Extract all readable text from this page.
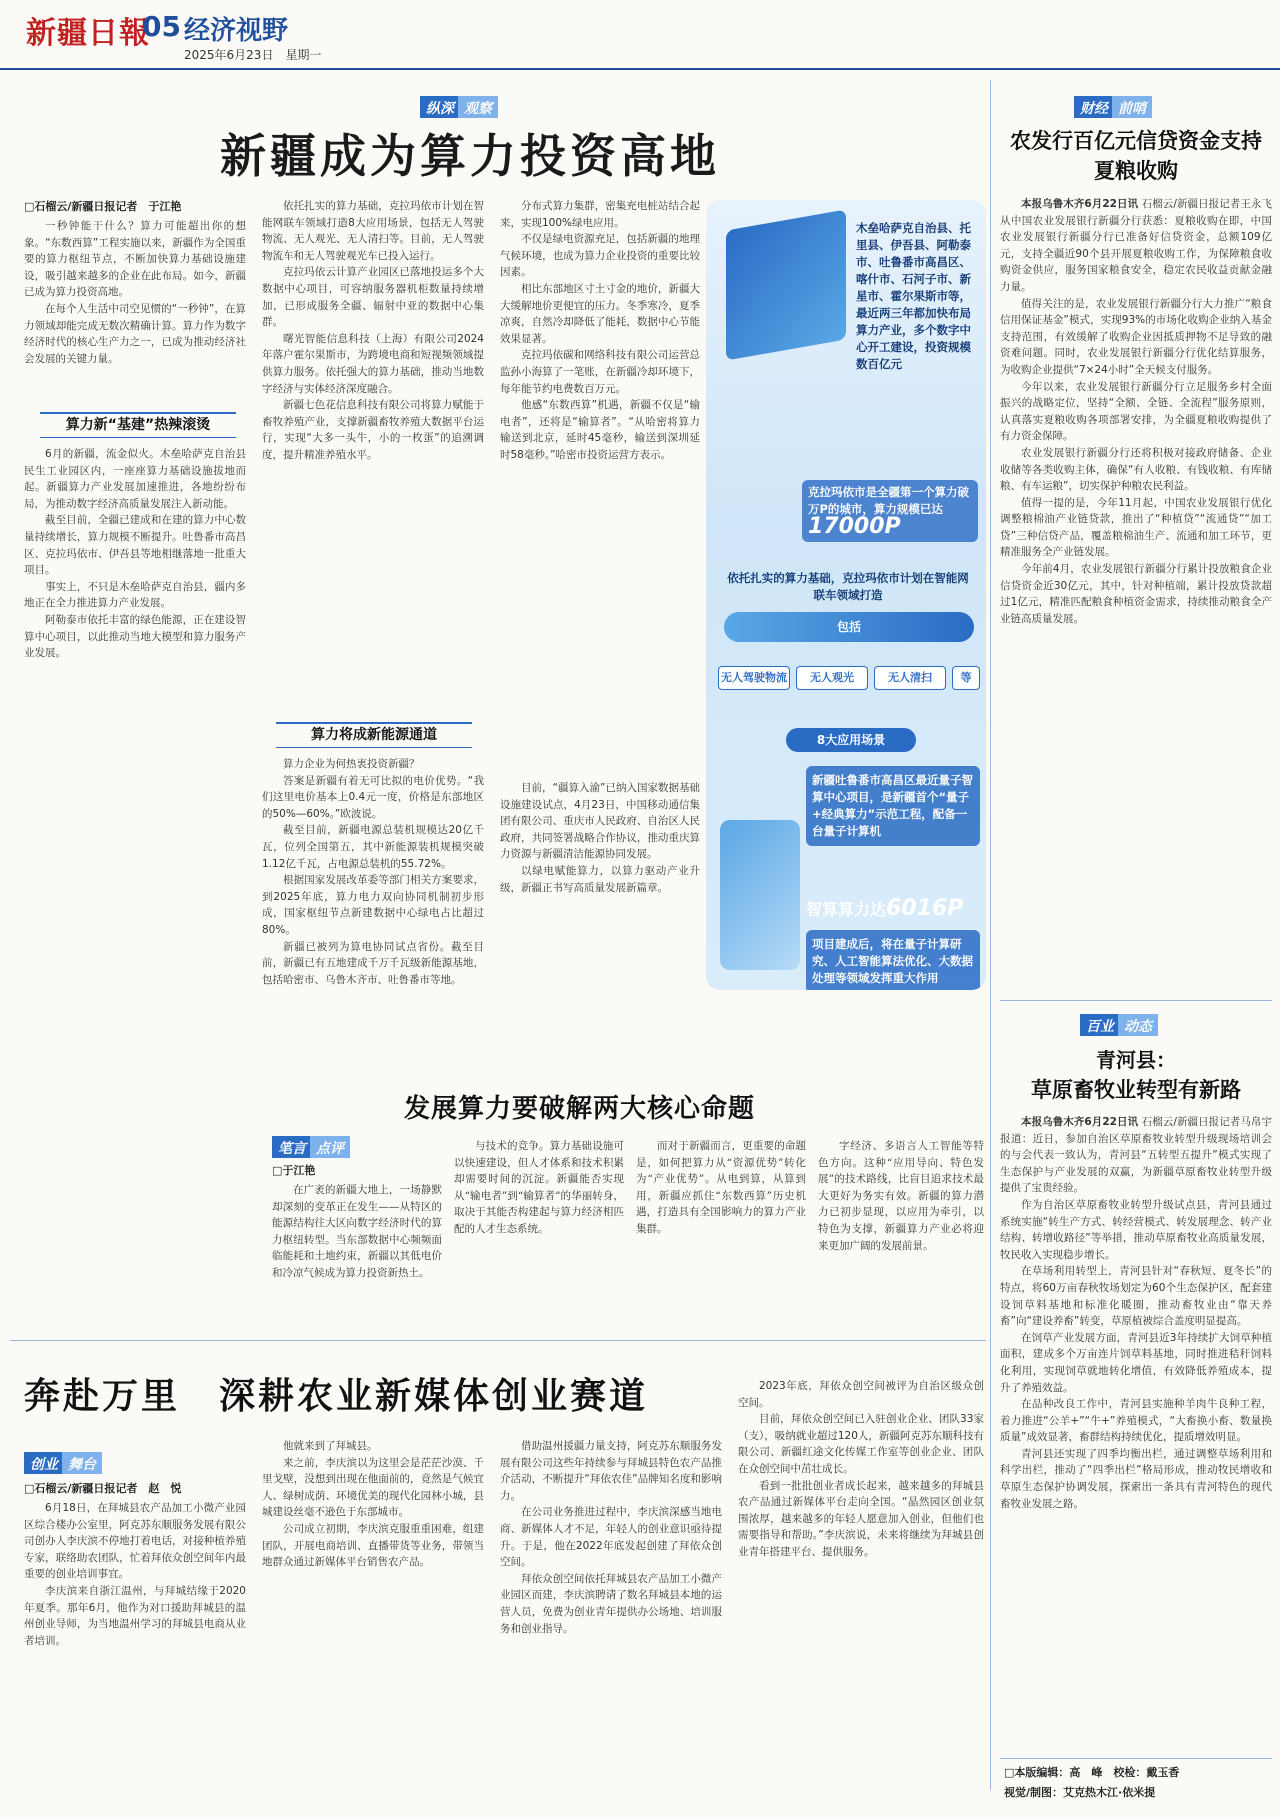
新疆日報
05 经济视野
2025年6月23日　星期一
纵深 观察
新疆成为算力投资高地
□石榴云/新疆日报记者　于江艳

一秒钟能干什么？算力可能超出你的想象。“东数西算”工程实施以来，新疆作为全国重要的算力枢纽节点，不断加快算力基础设施建设，吸引越来越多的企业在此布局。如今，新疆已成为算力投资高地。

在每个人生活中司空见惯的“一秒钟”，在算力领域却能完成无数次精确计算。算力作为数字经济时代的核心生产力之一，已成为推动经济社会发展的关键力量。

算力新“基建”热辣滚烫

6月的新疆，流金似火。木垒哈萨克自治县民生工业园区内，一座座算力基础设施拔地而起。新疆算力产业发展加速推进，各地纷纷布局，为推动数字经济高质量发展注入新动能。

截至目前，全疆已建成和在建的算力中心数量持续增长，算力规模不断提升。吐鲁番市高昌区、克拉玛依市、伊吾县等地相继落地一批重大项目。

事实上，不只是木垒哈萨克自治县，疆内多地正在全力推进算力产业发展。

阿勒泰市依托丰富的绿色能源，正在建设智算中心项目，以此推动当地大模型和算力服务产业发展。

依托扎实的算力基础，克拉玛依市计划在智能网联车领域打造8大应用场景，包括无人驾驶物流、无人观光、无人清扫等。目前，无人驾驶物流车和无人驾驶观光车已投入运行。

克拉玛依云计算产业园区已落地投运多个大数据中心项目，可容纳服务器机柜数量持续增加，已形成服务全疆、辐射中亚的数据中心集群。

曙光智能信息科技（上海）有限公司2024年落户霍尔果斯市，为跨境电商和短视频领域提供算力服务。依托强大的算力基础，推动当地数字经济与实体经济深度融合。

新疆七色花信息科技有限公司将算力赋能于畜牧养殖产业，支撑新疆畜牧养殖大数据平台运行，实现“大多一头牛，小的一枚蛋”的追溯调度，提升精准养殖水平。

算力将成新能源通道

算力企业为何热衷投资新疆？

答案是新疆有着无可比拟的电价优势。“我们这里电价基本上0.4元一度，价格是东部地区的50%—60%。”欧波说。

截至目前，新疆电源总装机规模达20亿千瓦，位列全国第五，其中新能源装机规模突破1.12亿千瓦，占电源总装机的55.72%。

根据国家发展改革委等部门相关方案要求，到2025年底，算力电力双向协同机制初步形成，国家枢纽节点新建数据中心绿电占比超过80%。

新疆已被列为算电协同试点省份。截至目前，新疆已有五地建成千万千瓦级新能源基地，包括哈密市、乌鲁木齐市、吐鲁番市等地。

分布式算力集群，密集充电桩站结合起来，实现100%绿电应用。

不仅是绿电资源充足，包括新疆的地理气候环境，也成为算力企业投资的重要比较因素。

相比东部地区寸土寸金的地价，新疆大大缓解地价更便宜的压力。冬季寒冷，夏季凉爽，自然冷却降低了能耗，数据中心节能效果显著。

克拉玛依碳和网络科技有限公司运营总监孙小海算了一笔账，在新疆冷却环境下，每年能节约电费数百万元。

他感“东数西算”机遇，新疆不仅是“输电者”，还将是“输算者”。“从哈密将算力输送到北京，延时45毫秒，输送到深圳延时58毫秒。”哈密市投资运营方表示。

目前，“疆算入渝”已纳入国家数据基础设施建设试点，4月23日，中国移动通信集团有限公司、重庆市人民政府、自治区人民政府，共同签署战略合作协议，推动重庆算力资源与新疆清洁能源协同发展。

以绿电赋能算力，以算力驱动产业升级，新疆正书写高质量发展新篇章。

木垒哈萨克自治县、托里县、伊吾县、阿勒泰市、吐鲁番市高昌区、喀什市、石河子市、新星市、霍尔果斯市等，最近两三年都加快布局算力产业，多个数字中心开工建设，投资规模数百亿元
克拉玛依市是全疆第一个算力破万P的城市，算力规模已达 17000P
依托扎实的算力基础，克拉玛依市计划在智能网联车领域打造
包括
无人驾驶物流	无人观光	无人清扫	等
8大应用场景
新疆吐鲁番市高昌区最近量子智算中心项目，是新疆首个“量子+经典算力”示范工程，配备一台量子计算机
智算算力达6016P
项目建成后，将在量子计算研究、人工智能算法优化、大数据处理等领域发挥重大作用
发展算力要破解两大核心命题
笔言 点评
□于江艳

在广袤的新疆大地上，一场静默却深刻的变革正在发生——从特区的能源结构往大区向数字经济时代的算力枢纽转型。当东部数据中心频频面临能耗和土地约束，新疆以其低电价和冷凉气候成为算力投资新热土。

与技术的竞争。算力基础设施可以快速建设，但人才体系和技术积累却需要时间的沉淀。新疆能否实现从“输电者”到“输算者”的华丽转身，取决于其能否构建起与算力经济相匹配的人才生态系统。

而对于新疆而言，更重要的命题是，如何把算力从“资源优势”转化为“产业优势”。从电到算，从算到用，新疆应抓住“东数西算”历史机遇，打造具有全国影响力的算力产业集群。

字经济、多语言人工智能等特色方向。这种“应用导向、特色发展”的技术路线，比盲目追求技术最大更好为务实有效。新疆的算力潜力已初步显现，以应用为牵引，以特色为支撑，新疆算力产业必将迎来更加广阔的发展前景。

奔赴万里　深耕农业新媒体创业赛道
创业 舞台
□石榴云/新疆日报记者　赵　悦

6月18日，在拜城县农产品加工小微产业园区综合楼办公室里，阿克苏东顺服务发展有限公司创办人李庆滨不停地打着电话，对接种植养殖专家，联络助农团队，忙着拜依众创空间年内最重要的创业培训事宜。

李庆滨来自浙江温州，与拜城结缘于2020年夏季。那年6月，他作为对口援助拜城县的温州创业导师，为当地温州学习的拜城县电商从业者培训。

他就来到了拜城县。

来之前，李庆滨以为这里会是茫茫沙漠、千里戈壁，没想到出现在他面前的，竟然是气候宜人、绿树成荫、环境优美的现代化园林小城，县城建设丝毫不逊色于东部城市。

公司成立初期，李庆滨克服重重困难，组建团队，开展电商培训、直播带货等业务，带领当地群众通过新媒体平台销售农产品。

借助温州援疆力量支持，阿克苏东顺服务发展有限公司这些年持续参与拜城县特色农产品推介活动，不断提升“拜依农佳”品牌知名度和影响力。

在公司业务推进过程中，李庆滨深感当地电商、新媒体人才不足，年轻人的创业意识亟待提升。于是，他在2022年底发起创建了拜依众创空间。

拜依众创空间依托拜城县农产品加工小微产业园区而建，李庆滨聘请了数名拜城县本地的运营人员，免费为创业青年提供办公场地、培训服务和创业指导。

2023年底，拜依众创空间被评为自治区级众创空间。

目前，拜依众创空间已入驻创业企业、团队33家（支），吸纳就业超过120人，新疆阿克苏东顺科技有限公司、新疆红途文化传媒工作室等创业企业、团队在众创空间中茁壮成长。

看到一批批创业者成长起来，越来越多的拜城县农产品通过新媒体平台走向全国。“晶然园区创业氛围浓厚，越来越多的年轻人愿意加入创业，但他们也需要指导和帮助。”李庆滨说，未来将继续为拜城县创业青年搭建平台、提供服务。

财经 前哨
农发行百亿元信贷资金支持夏粮收购

本报乌鲁木齐6月22日讯 石榴云/新疆日报记者王永飞从中国农业发展银行新疆分行获悉：夏粮收购在即，中国农业发展银行新疆分行已准备好信贷资金，总额109亿元，支持全疆近90个县开展夏粮收购工作，为保障粮食收购资金供应，服务国家粮食安全，稳定农民收益贡献金融力量。

值得关注的是，农业发展银行新疆分行大力推广“粮食信用保证基金”模式，实现93%的市场化收购企业纳入基金支持范围，有效缓解了收购企业因抵质押物不足导致的融资难问题。同时，农业发展银行新疆分行优化结算服务，为收购企业提供“7×24小时”全天候支付服务。

今年以来，农业发展银行新疆分行立足服务乡村全面振兴的战略定位，坚持“全额、全链、全流程”服务原则，认真落实夏粮收购各项部署安排，为全疆夏粮收购提供了有力资金保障。

农业发展银行新疆分行还将积极对接政府储备、企业收储等各类收购主体，确保“有人收粮、有钱收粮、有库储粮、有车运粮”，切实保护种粮农民利益。

值得一提的是，今年11月起，中国农业发展银行优化调整粮棉油产业链贷款，推出了“种植贷”“流通贷”“加工贷”三种信贷产品，覆盖粮棉油生产、流通和加工环节，更精准服务全产业链发展。

今年前4月，农业发展银行新疆分行累计投放粮食企业信贷资金近30亿元，其中，针对种植端，累计投放贷款超过1亿元，精准匹配粮食种植资金需求，持续推动粮食全产业链高质量发展。

百业 动态
青河县：
草原畜牧业转型有新路

本报乌鲁木齐6月22日讯 石榴云/新疆日报记者马帛宇报道：近日，参加自治区草原畜牧业转型升级现场培训会的与会代表一致认为，青河县“五转型五提升”模式实现了生态保护与产业发展的双赢，为新疆草原畜牧业转型升级提供了宝贵经验。

作为自治区草原畜牧业转型升级试点县，青河县通过系统实施“转生产方式、转经营模式、转发展理念、转产业结构、转增收路径”等举措，推动草原畜牧业高质量发展，牧民收入实现稳步增长。

在草场利用转型上，青河县针对“春秋短、夏冬长”的特点，将60万亩春秋牧场划定为60个生态保护区，配套建设饲草料基地和标准化暖圈，推动畜牧业由“靠天养畜”向“建设养畜”转变，草原植被综合盖度明显提高。

在饲草产业发展方面，青河县近3年持续扩大饲草种植面积，建成多个万亩连片饲草料基地，同时推进秸秆饲料化利用，实现饲草就地转化增值，有效降低养殖成本，提升了养殖效益。

在品种改良工作中，青河县实施种羊肉牛良种工程，着力推进“公羊+”“牛+”养殖模式，“大畜换小畜、数量换质量”成效显著，畜群结构持续优化，提质增效明显。

青河县还实现了四季均衡出栏，通过调整草场利用和科学出栏，推动了“四季出栏”格局形成，推动牧民增收和草原生态保护协调发展，探索出一条具有青河特色的现代畜牧业发展之路。

□本版编辑：高　峰　校检：戴玉香
视觉/制图：艾克热木江·依米提
